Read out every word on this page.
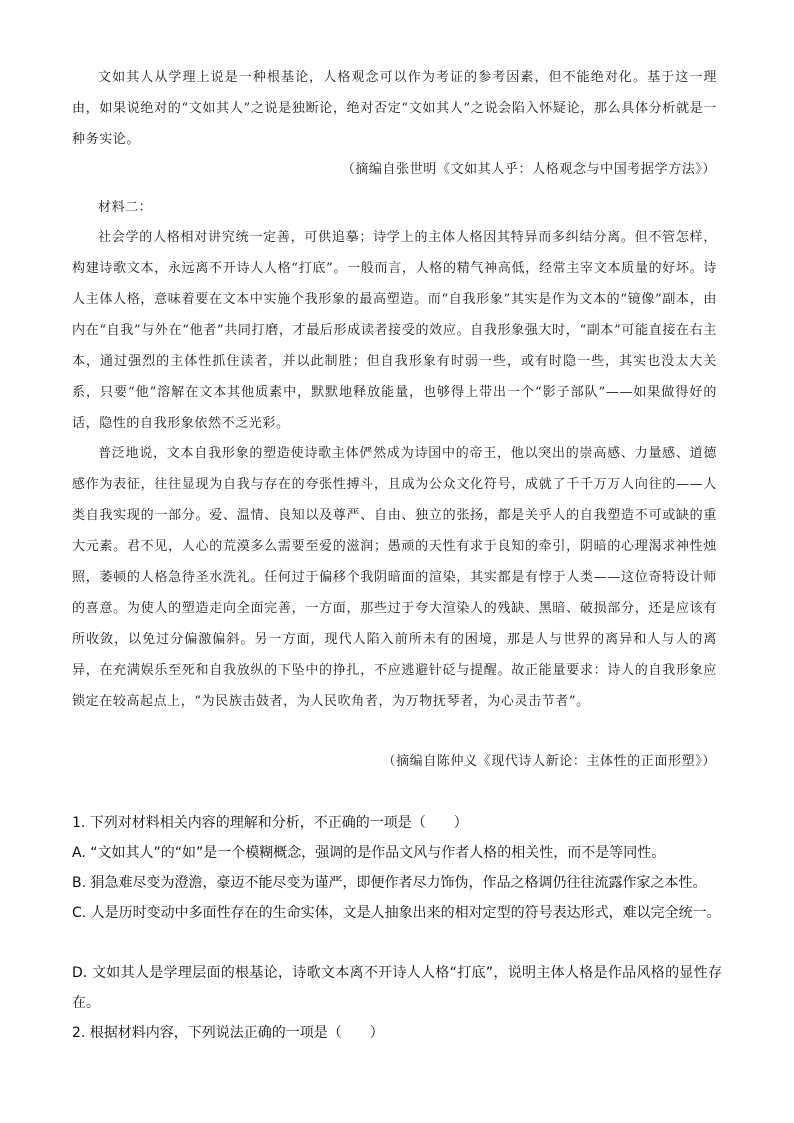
文如其人从学理上说是一种根基论，人格观念可以作为考证的参考因素，但不能绝对化。基于这一理由，如果说绝对的“文如其人”之说是独断论，绝对否定“文如其人”之说会陷入怀疑论，那么具体分析就是一种务实论。
（摘编自张世明《文如其人乎：人格观念与中国考据学方法》）
材料二：
社会学的人格相对讲究统一定善，可供追摹；诗学上的主体人格因其特异而多纠结分离。但不管怎样，构建诗歌文本，永远离不开诗人人格“打底”。一般而言，人格的精气神高低，经常主宰文本质量的好坏。诗人主体人格，意味着要在文本中实施个我形象的最高塑造。而“自我形象”其实是作为文本的“镜像”副本，由内在“自我”与外在“他者”共同打磨，才最后形成读者接受的效应。自我形象强大时，“副本”可能直接在右主本，通过强烈的主体性抓住读者，并以此制胜；但自我形象有时弱一些，或有时隐一些，其实也没太大关系，只要“他”溶解在文本其他质素中，默默地释放能量，也够得上带出一个“影子部队”——如果做得好的话，隐性的自我形象依然不乏光彩。
普泛地说，文本自我形象的塑造使诗歌主体俨然成为诗国中的帝王，他以突出的崇高感、力量感、道德感作为表征，往往显现为自我与存在的夸张性搏斗，且成为公众文化符号，成就了千千万万人向往的——人类自我实现的一部分。爱、温情、良知以及尊严、自由、独立的张扬，都是关乎人的自我塑造不可或缺的重大元素。君不见，人心的荒漠多么需要至爱的滋润；愚顽的天性有求于良知的牵引，阴暗的心理渴求神性烛照，萎顿的人格急待圣水洗礼。任何过于偏移个我阴暗面的渲染，其实都是有悖于人类——这位奇特设计师的喜意。为使人的塑造走向全面完善，一方面，那些过于夸大渲染人的残缺、黑暗、破损部分，还是应该有所收敛，以免过分偏激偏斜。另一方面，现代人陷入前所未有的困境，那是人与世界的离异和人与人的离异，在充满娱乐至死和自我放纵的下坠中的挣扎，不应逃避针砭与提醒。故正能量要求：诗人的自我形象应锁定在较高起点上，“为民族击鼓者，为人民吹角者，为万物抚琴者，为心灵击节者”。
（摘编自陈仲义《现代诗人新论：主体性的正面形塑》）
1. 下列对材料相关内容的理解和分析，不正确的一项是（　　）
A. “文如其人”的“如”是一个模糊概念，强调的是作品文风与作者人格的相关性，而不是等同性。
B. 狷急难尽变为澄澹，豪迈不能尽变为谨严，即便作者尽力饰伪，作品之格调仍往往流露作家之本性。
C. 人是历时变动中多面性存在的生命实体，文是人抽象出来的相对定型的符号表达形式，难以完全统一。
D. 文如其人是学理层面的根基论，诗歌文本离不开诗人人格“打底”，说明主体人格是作品风格的显性存在。
2. 根据材料内容，下列说法正确的一项是（　　）
